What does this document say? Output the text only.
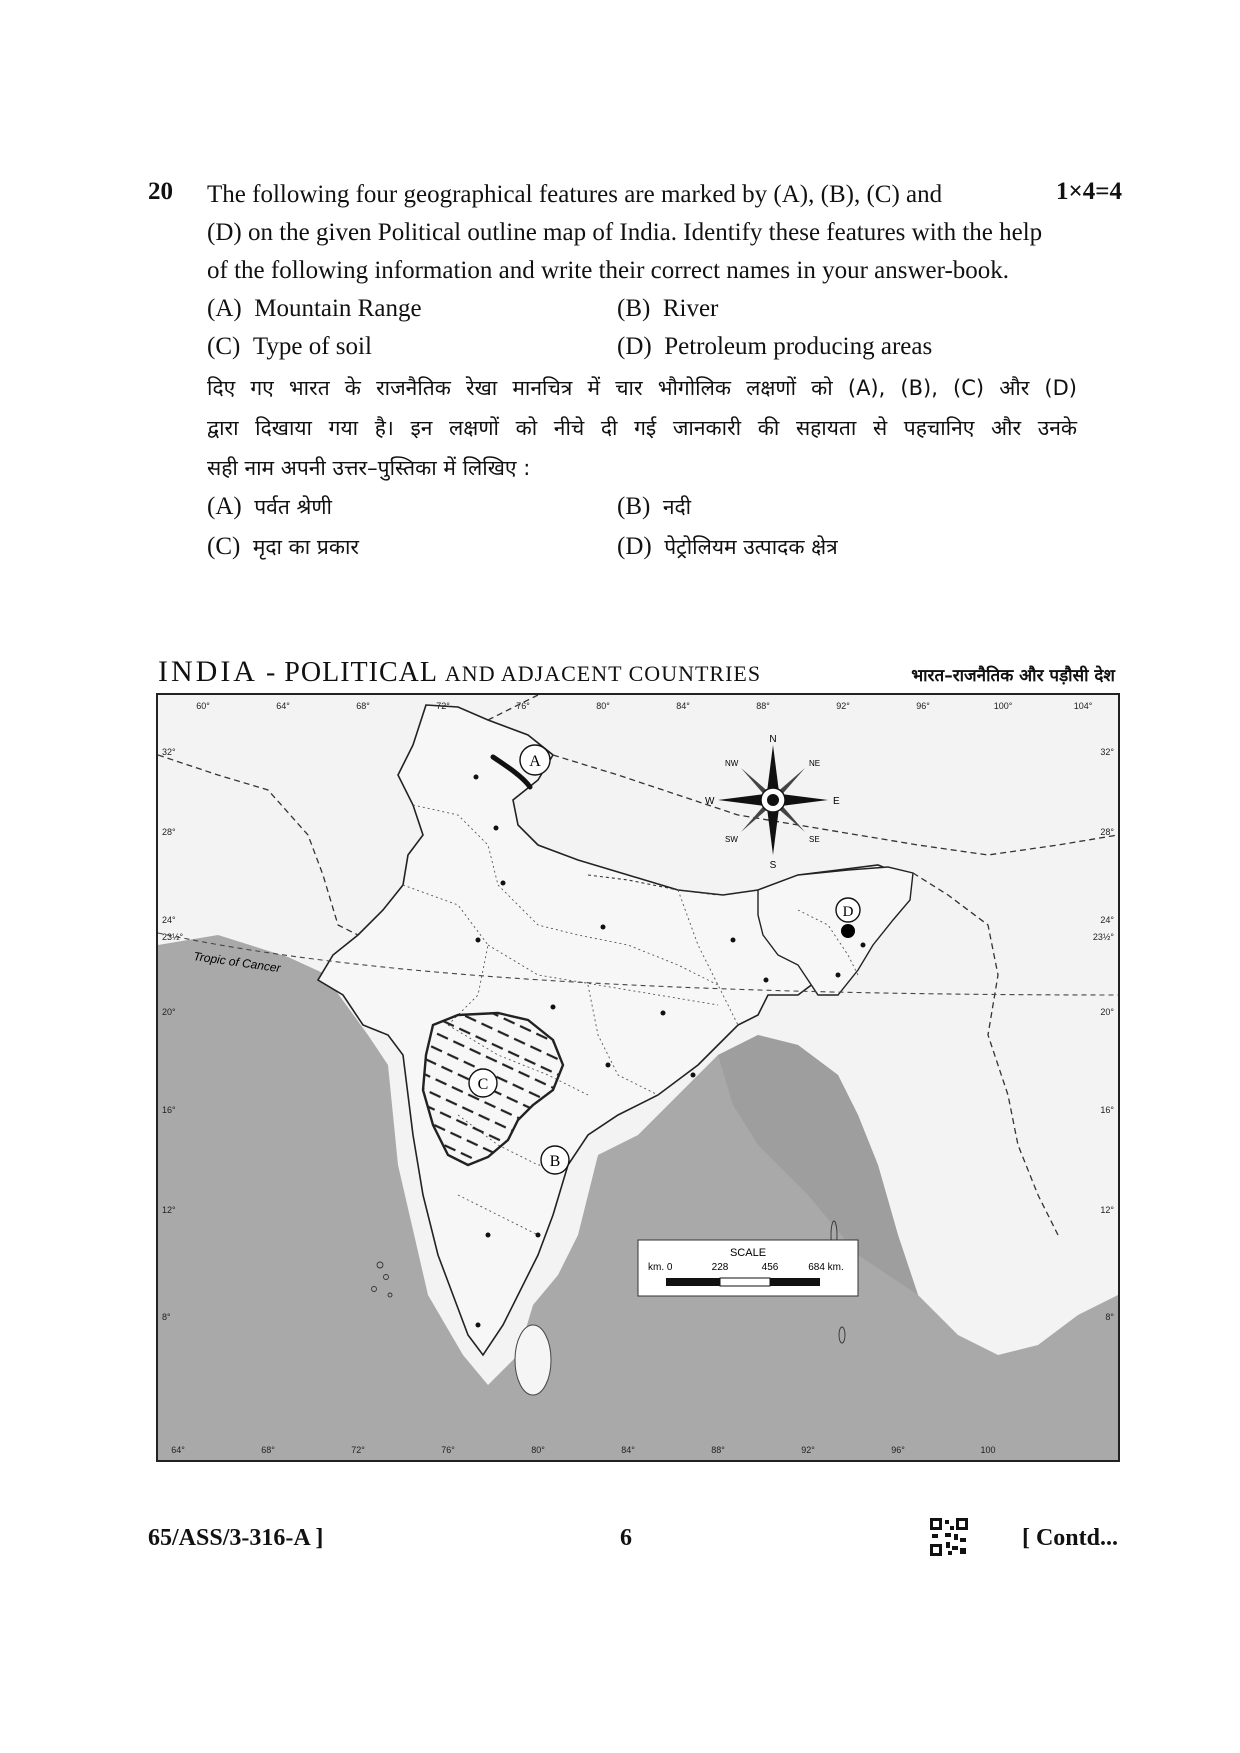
20	1×4=4
The following four geographical features are marked by (A), (B), (C) and
(D) on the given Political outline map of India. Identify these features with the help
of the following information and write their correct names in your answer-book.
(A) Mountain Range	(B) River
(C) Type of soil	(D) Petroleum producing areas
दिए गए भारत के राजनैतिक रेखा मानचित्र में चार भौगोलिक लक्षणों को (A), (B), (C) और (D)
द्वारा दिखाया गया है। इन लक्षणों को नीचे दी गई जानकारी की सहायता से पहचानिए और उनके
सही नाम अपनी उत्तर–पुस्तिका में लिखिए :
(A) पर्वत श्रेणी	(B) नदी
(C) मृदा का प्रकार	(D) पेट्रोलियम उत्पादक क्षेत्र
INDIA - POLITICAL AND ADJACENT COUNTRIES	भारत–राजनैतिक और पड़ौसी देश
Tropic of Cancer
A
C
B
D
N
S
E
W
NE
NW
SE
SW
SCALE
km. 0	228	456	684 km.
60°	64°	68°	72°	76°	80°	84°	88°	92°	96°	100°	104°
64°	68°	72°	76°	80°	84°	88°	92°	96°	100
32°
28°
24°
23½°
20°
16°
12°
8°
32°
28°
24°
23½°
20°
16°
12°
8°
65/ASS/3-316-A ]	6	[ Contd...
